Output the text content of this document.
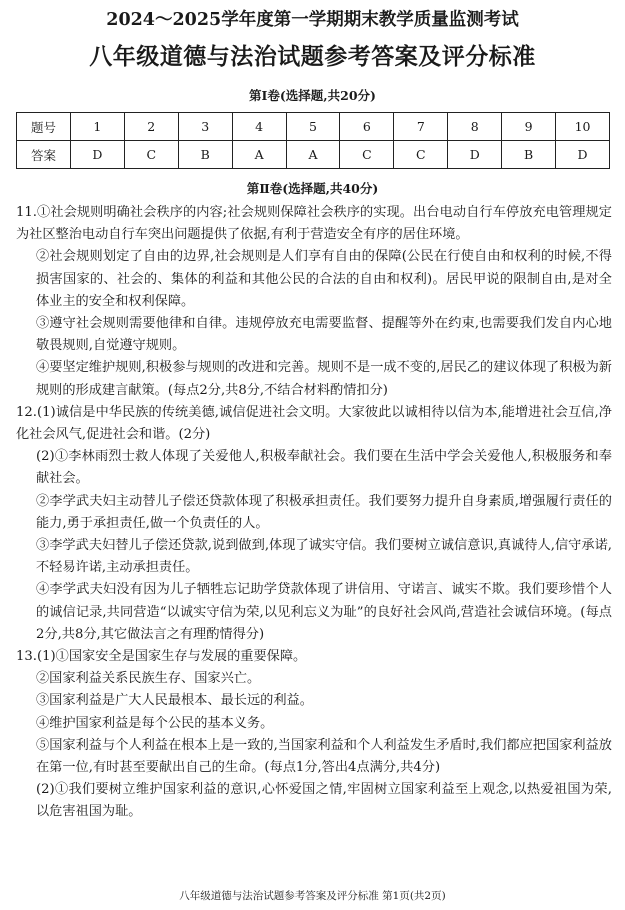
2024～2025学年度第一学期期末教学质量监测考试
八年级道德与法治试题参考答案及评分标准
第Ⅰ卷(选择题,共20分)
题号	1	2	3	4	5	6	7	8	9	10
答案	D	C	B	A	A	C	C	D	B	D
第Ⅱ卷(选择题,共40分)
11.①社会规则明确社会秩序的内容;社会规则保障社会秩序的实现。出台电动自行车停放充电管理规定为社区整治电动自行车突出问题提供了依据,有利于营造安全有序的居住环境。
②社会规则划定了自由的边界,社会规则是人们享有自由的保障(公民在行使自由和权利的时候,不得损害国家的、社会的、集体的利益和其他公民的合法的自由和权利)。居民甲说的限制自由,是对全体业主的安全和权利保障。
③遵守社会规则需要他律和自律。违规停放充电需要监督、提醒等外在约束,也需要我们发自内心地敬畏规则,自觉遵守规则。
④要坚定维护规则,积极参与规则的改进和完善。规则不是一成不变的,居民乙的建议体现了积极为新规则的形成建言献策。(每点2分,共8分,不结合材料酌情扣分)
12.(1)诚信是中华民族的传统美德,诚信促进社会文明。大家彼此以诚相待以信为本,能增进社会互信,净化社会风气,促进社会和谐。(2分)
(2)①李林雨烈士救人体现了关爱他人,积极奉献社会。我们要在生活中学会关爱他人,积极服务和奉献社会。
②李学武夫妇主动替儿子偿还贷款体现了积极承担责任。我们要努力提升自身素质,增强履行责任的能力,勇于承担责任,做一个负责任的人。
③李学武夫妇替儿子偿还贷款,说到做到,体现了诚实守信。我们要树立诚信意识,真诚待人,信守承诺,不轻易许诺,主动承担责任。
④李学武夫妇没有因为儿子牺牲忘记助学贷款体现了讲信用、守诺言、诚实不欺。我们要珍惜个人的诚信记录,共同营造“以诚实守信为荣,以见利忘义为耻”的良好社会风尚,营造社会诚信环境。(每点2分,共8分,其它做法言之有理酌情得分)
13.(1)①国家安全是国家生存与发展的重要保障。
②国家利益关系民族生存、国家兴亡。
③国家利益是广大人民最根本、最长远的利益。
④维护国家利益是每个公民的基本义务。
⑤国家利益与个人利益在根本上是一致的,当国家利益和个人利益发生矛盾时,我们都应把国家利益放在第一位,有时甚至要献出自己的生命。(每点1分,答出4点满分,共4分)
(2)①我们要树立维护国家利益的意识,心怀爱国之情,牢固树立国家利益至上观念,以热爱祖国为荣,以危害祖国为耻。
八年级道德与法治试题参考答案及评分标准 第1页(共2页)
